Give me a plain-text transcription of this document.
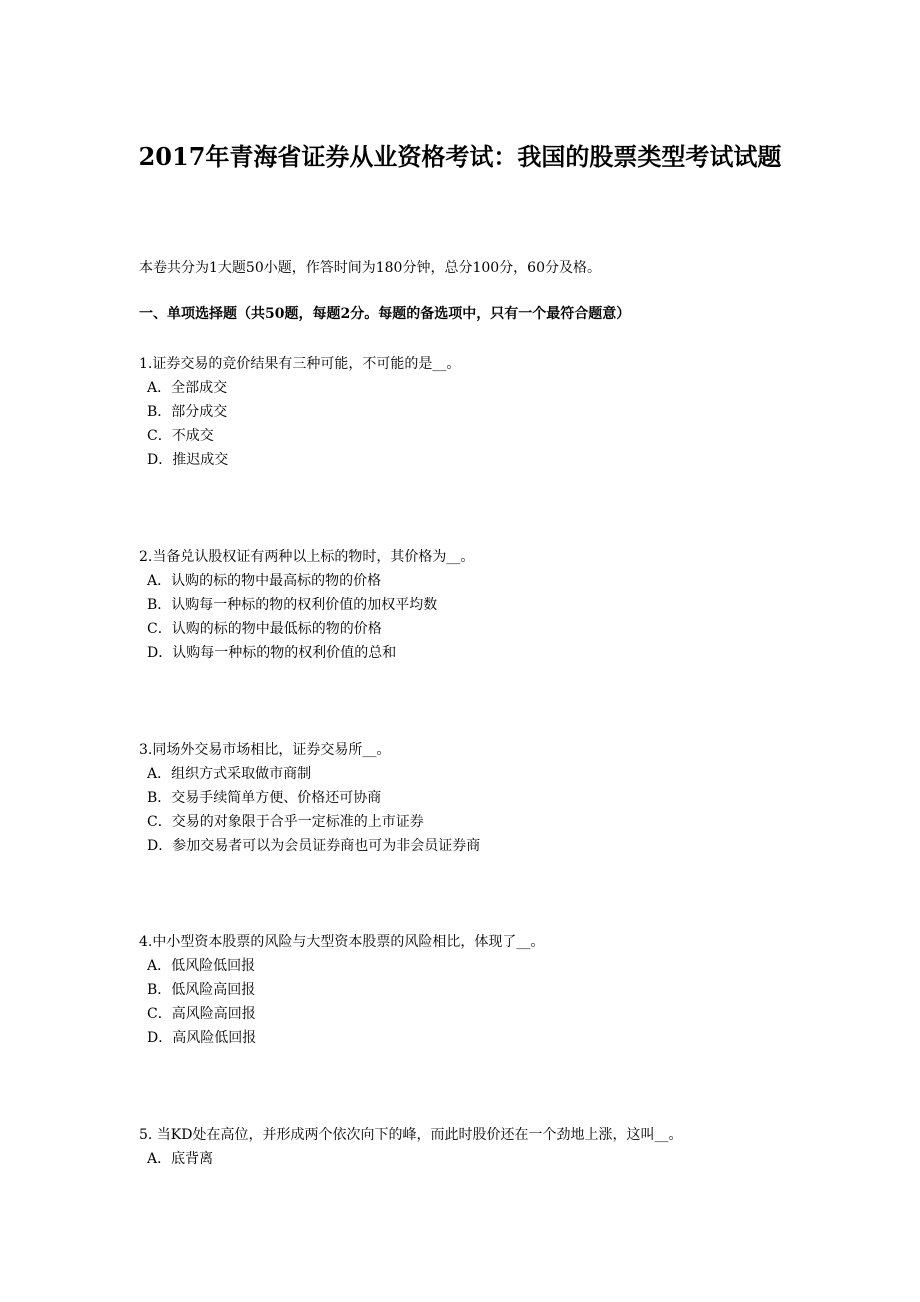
2017年青海省证券从业资格考试：我国的股票类型考试试题
本卷共分为1大题50小题，作答时间为180分钟，总分100分，60分及格。
一、单项选择题（共50题，每题2分。每题的备选项中，只有一个最符合题意）
1.证券交易的竞价结果有三种可能，不可能的是__。
A．全部成交
B．部分成交
C．不成交
D．推迟成交
2.当备兑认股权证有两种以上标的物时，其价格为__。
A．认购的标的物中最高标的物的价格
B．认购每一种标的物的权利价值的加权平均数
C．认购的标的物中最低标的物的价格
D．认购每一种标的物的权利价值的总和
3.同场外交易市场相比，证券交易所__。
A．组织方式采取做市商制
B．交易手续简单方便、价格还可协商
C．交易的对象限于合乎一定标准的上市证券
D．参加交易者可以为会员证券商也可为非会员证券商
4.中小型资本股票的风险与大型资本股票的风险相比，体现了__。
A．低风险低回报
B．低风险高回报
C．高风险高回报
D．高风险低回报
5. 当KD处在高位，并形成两个依次向下的峰，而此时股价还在一个劲地上涨，这叫__。
A．底背离
